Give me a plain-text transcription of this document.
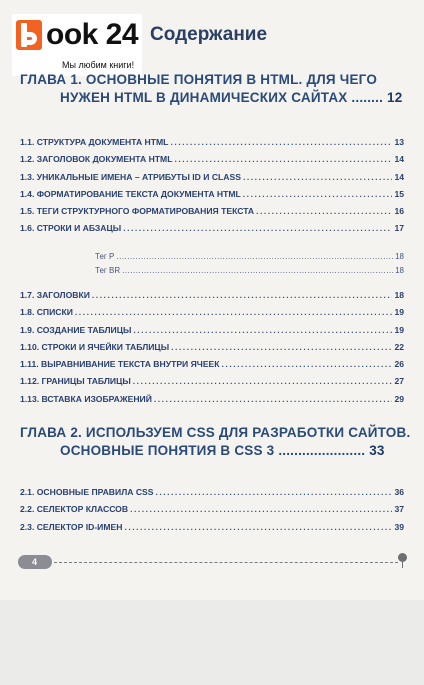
ook 24
Мы любим книги!
Содержание
ГЛАВА 1. ОСНОВНЫЕ ПОНЯТИЯ В HTML. ДЛЯ ЧЕГО
НУЖЕН HTML В ДИНАМИЧЕСКИХ САЙТАХ ........ 12
1.1. СТРУКТУРА ДОКУМЕНТА HTML .....	13
1.2. ЗАГОЛОВОК ДОКУМЕНТА HTML .....	14
1.3. УНИКАЛЬНЫЕ ИМЕНА – АТРИБУТЫ ID И CLASS .....	14
1.4. ФОРМАТИРОВАНИЕ ТЕКСТА ДОКУМЕНТА HTML .....	15
1.5. ТЕГИ СТРУКТУРНОГО ФОРМАТИРОВАНИЯ ТЕКСТА .....	16
1.6. СТРОКИ И АБЗАЦЫ .....	17
Тег P .....	18
Тег BR .....	18
1.7. ЗАГОЛОВКИ .....	18
1.8. СПИСКИ .....	19
1.9. СОЗДАНИЕ ТАБЛИЦЫ .....	19
1.10. СТРОКИ И ЯЧЕЙКИ ТАБЛИЦЫ .....	22
1.11. ВЫРАВНИВАНИЕ ТЕКСТА ВНУТРИ ЯЧЕЕК .....	26
1.12. ГРАНИЦЫ ТАБЛИЦЫ .....	27
1.13. ВСТАВКА ИЗОБРАЖЕНИЙ .....	29
ГЛАВА 2. ИСПОЛЬЗУЕМ CSS ДЛЯ РАЗРАБОТКИ САЙТОВ.
ОСНОВНЫЕ ПОНЯТИЯ В CSS 3 ...................... 33
2.1. ОСНОВНЫЕ ПРАВИЛА CSS .....	36
2.2. СЕЛЕКТОР КЛАССОВ .....	37
2.3. СЕЛЕКТОР ID-ИМЕН .....	39
4
